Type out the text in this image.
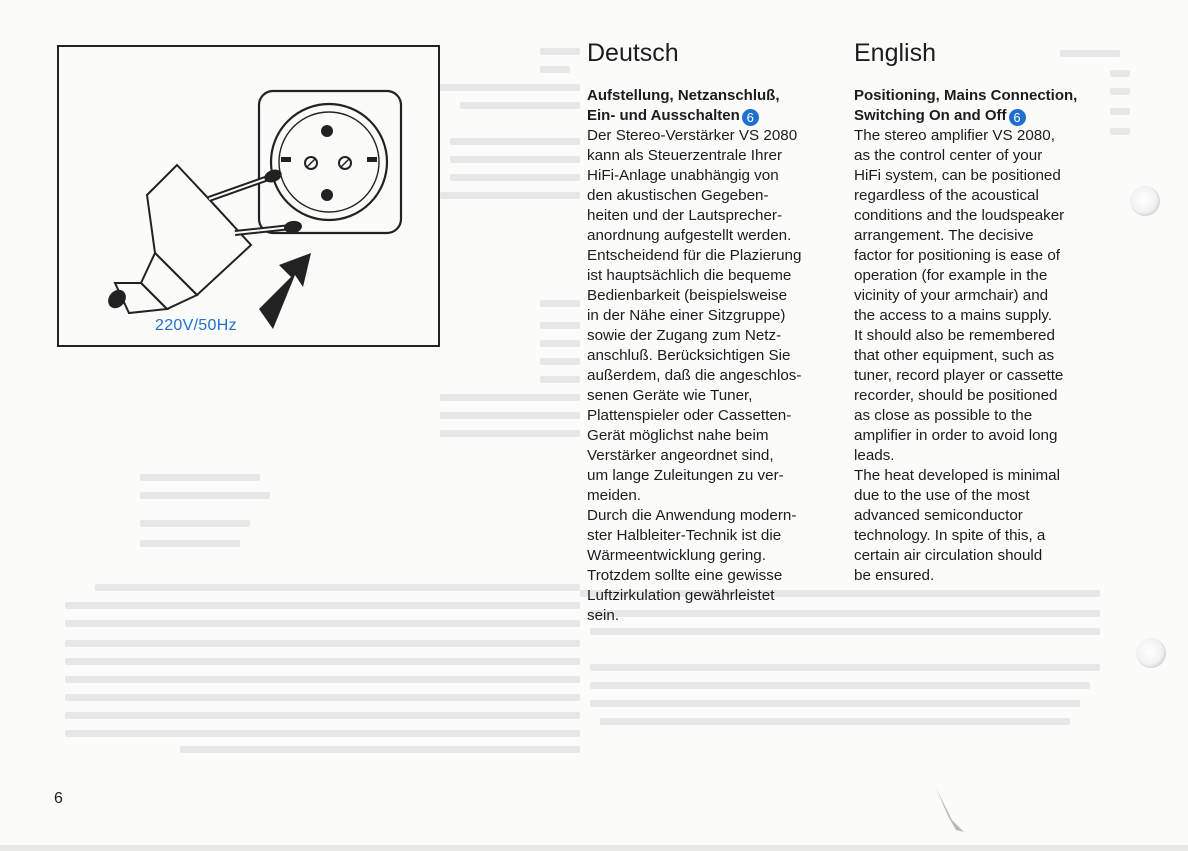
220V/50Hz
Deutsch
Aufstellung, Netzanschluß,
Ein- und Ausschalten 6

Der Stereo-Verstärker VS 2080

kann als Steuerzentrale Ihrer

HiFi-Anlage unabhängig von

den akustischen Gegeben-

heiten und der Lautsprecher-

anordnung aufgestellt werden.

Entscheidend für die Plazierung

ist hauptsächlich die bequeme

Bedienbarkeit (beispielsweise

in der Nähe einer Sitzgruppe)

sowie der Zugang zum Netz-

anschluß. Berücksichtigen Sie

außerdem, daß die angeschlos-

senen Geräte wie Tuner,

Plattenspieler oder Cassetten-

Gerät möglichst nahe beim

Verstärker angeordnet sind,

um lange Zuleitungen zu ver-

meiden.

Durch die Anwendung modern-

ster Halbleiter-Technik ist die

Wärmeentwicklung gering.

Trotzdem sollte eine gewisse

Luftzirkulation gewährleistet

sein.

English
Positioning, Mains Connection,
Switching On and Off 6

The stereo amplifier VS 2080,

as the control center of your

HiFi system, can be positioned

regardless of the acoustical

conditions and the loudspeaker

arrangement. The decisive

factor for positioning is ease of

operation (for example in the

vicinity of your armchair) and

the access to a mains supply.

It should also be remembered

that other equipment, such as

tuner, record player or cassette

recorder, should be positioned

as close as possible to the

amplifier in order to avoid long

leads.

The heat developed is minimal

due to the use of the most

advanced semiconductor

technology. In spite of this, a

certain air circulation should

be ensured.

6
